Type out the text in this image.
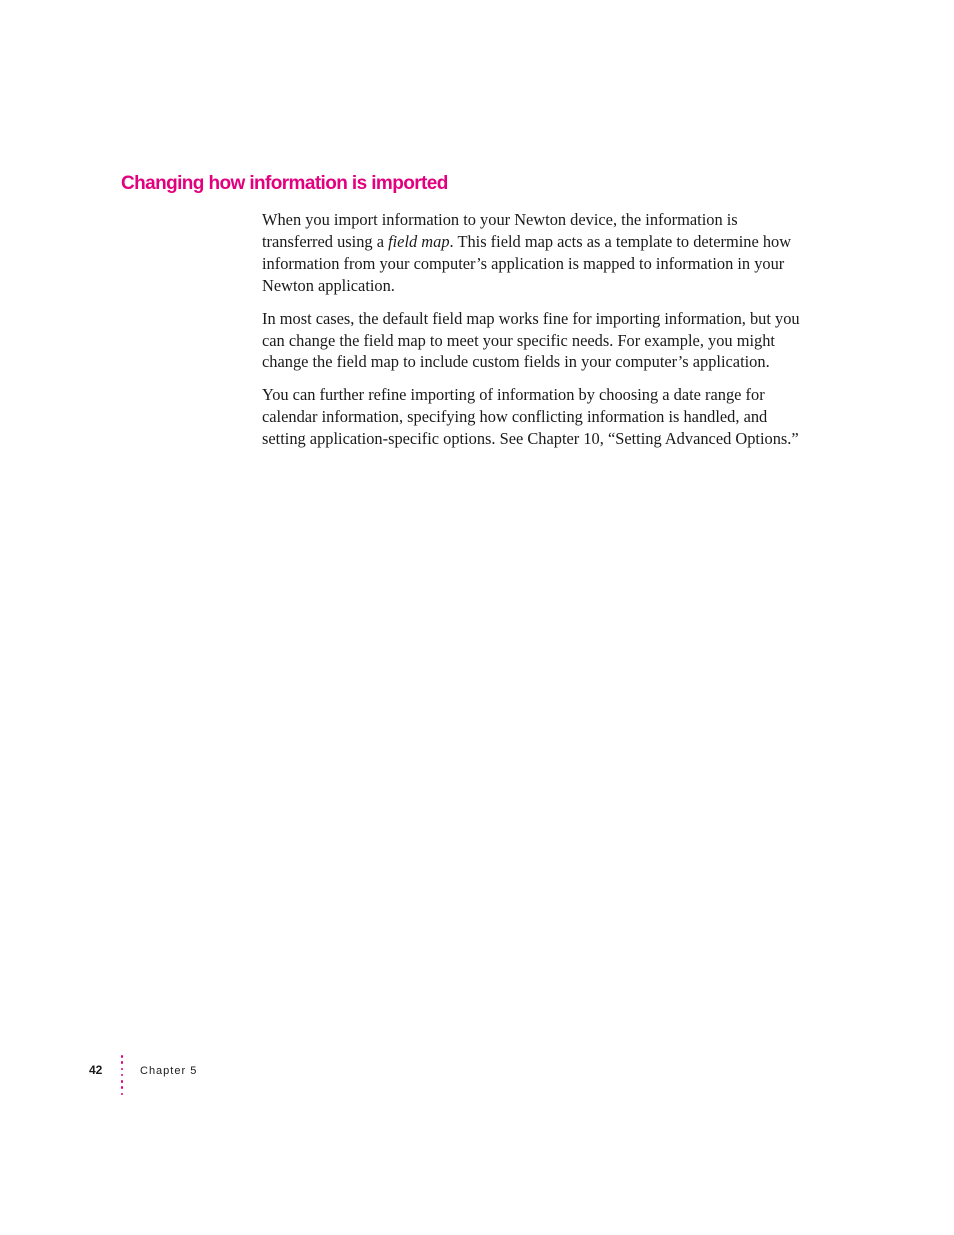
Changing how information is imported

When you import information to your Newton device, the information is transferred using a field map. This field map acts as a template to determine how information from your computer’s application is mapped to information in your Newton application.

In most cases, the default field map works fine for importing information, but you can change the field map to meet your specific needs. For example, you might change the field map to include custom fields in your computer’s application.

You can further refine importing of information by choosing a date range for calendar information, specifying how conflicting information is handled, and setting application-specific options. See Chapter 10, “Setting Advanced Options.”

42	Chapter 5
